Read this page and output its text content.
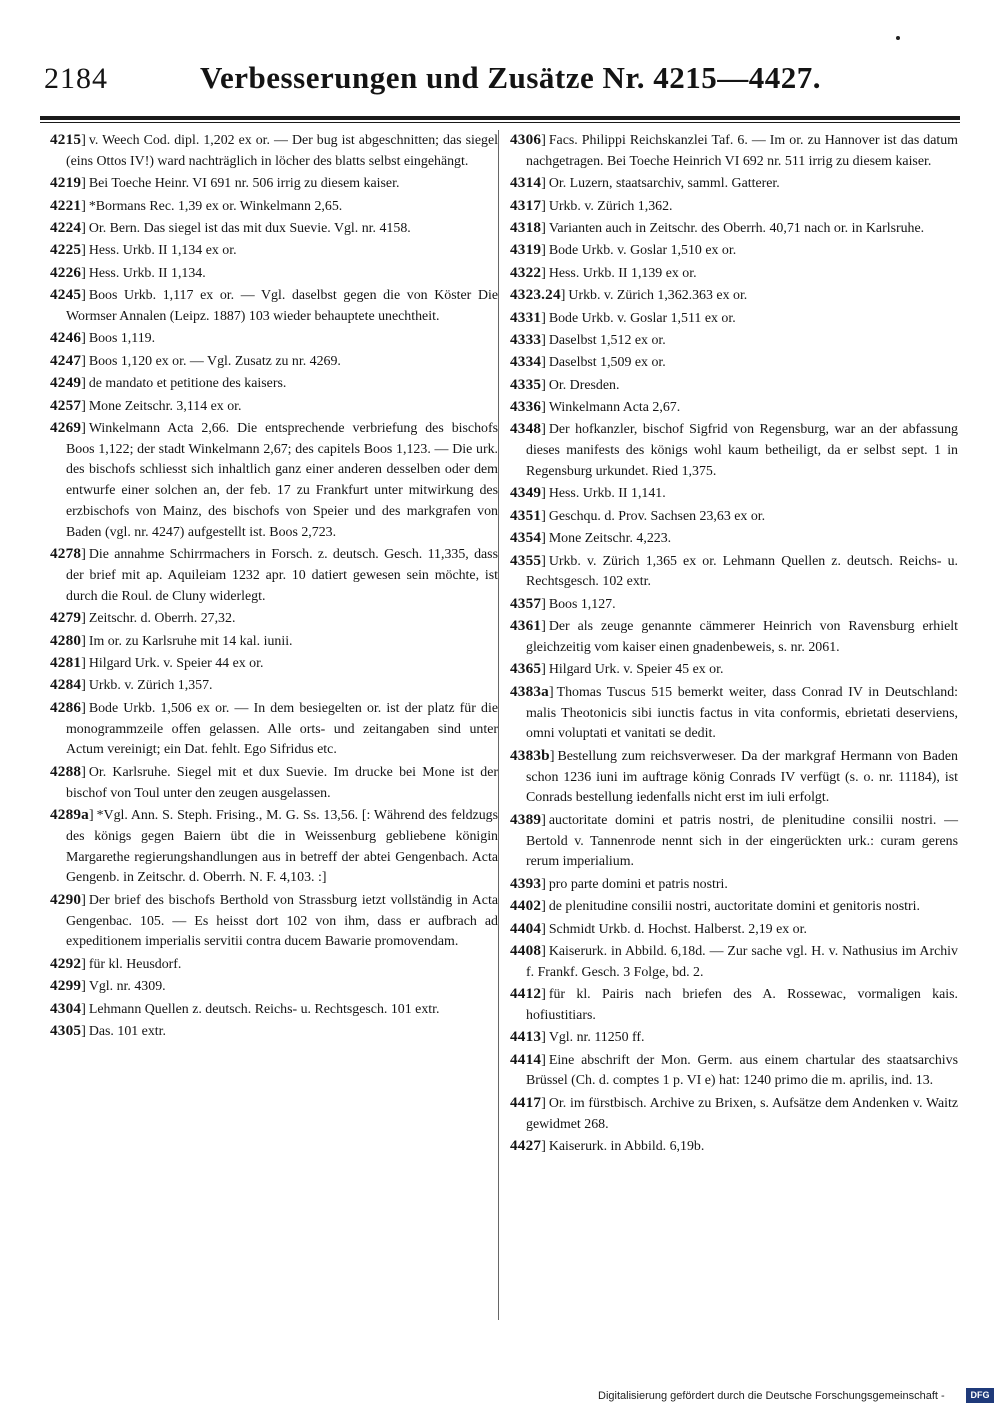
2184	Verbesserungen und Zusätze Nr. 4215—4427.
4215] v. Weech Cod. dipl. 1,202 ex or. — Der bug ist abgeschnitten; das siegel (eins Ottos IV!) ward nachträglich in löcher des blatts selbst eingehängt.
4219] Bei Toeche Heinr. VI 691 nr. 506 irrig zu diesem kaiser.
4221] *Bormans Rec. 1,39 ex or. Winkelmann 2,65.
4224] Or. Bern. Das siegel ist das mit dux Suevie. Vgl. nr. 4158.
4225] Hess. Urkb. II 1,134 ex or.
4226] Hess. Urkb. II 1,134.
4245] Boos Urkb. 1,117 ex or. — Vgl. daselbst gegen die von Köster Die Wormser Annalen (Leipz. 1887) 103 wieder behauptete unechtheit.
4246] Boos 1,119.
4247] Boos 1,120 ex or. — Vgl. Zusatz zu nr. 4269.
4249] de mandato et petitione des kaisers.
4257] Mone Zeitschr. 3,114 ex or.
4269] Winkelmann Acta 2,66. Die entsprechende verbriefung des bischofs Boos 1,122; der stadt Winkelmann 2,67; des capitels Boos 1,123. — Die urk. des bischofs schliesst sich inhaltlich ganz einer anderen desselben oder dem entwurfe einer solchen an, der feb. 17 zu Frankfurt unter mitwirkung des erzbischofs von Mainz, des bischofs von Speier und des markgrafen von Baden (vgl. nr. 4247) aufgestellt ist. Boos 2,723.
4278] Die annahme Schirrmachers in Forsch. z. deutsch. Gesch. 11,335, dass der brief mit ap. Aquileiam 1232 apr. 10 datiert gewesen sein möchte, ist durch die Roul. de Cluny widerlegt.
4279] Zeitschr. d. Oberrh. 27,32.
4280] Im or. zu Karlsruhe mit 14 kal. iunii.
4281] Hilgard Urk. v. Speier 44 ex or.
4284] Urkb. v. Zürich 1,357.
4286] Bode Urkb. 1,506 ex or. — In dem besiegelten or. ist der platz für die monogrammzeile offen gelassen. Alle orts- und zeitangaben sind unter Actum vereinigt; ein Dat. fehlt. Ego Sifridus etc.
4288] Or. Karlsruhe. Siegel mit et dux Suevie. Im drucke bei Mone ist der bischof von Toul unter den zeugen ausgelassen.
4289a] *Vgl. Ann. S. Steph. Frising., M. G. Ss. 13,56. [: Während des feldzugs des königs gegen Baiern übt die in Weissenburg gebliebene königin Margarethe regierungshandlungen aus in betreff der abtei Gengenbach. Acta Gengenb. in Zeitschr. d. Oberrh. N. F. 4,103. :]
4290] Der brief des bischofs Berthold von Strassburg ietzt vollständig in Acta Gengenbac. 105. — Es heisst dort 102 von ihm, dass er aufbrach ad expeditionem imperialis servitii contra ducem Bawarie promovendam.
4292] für kl. Heusdorf.
4299] Vgl. nr. 4309.
4304] Lehmann Quellen z. deutsch. Reichs- u. Rechtsgesch. 101 extr.
4305] Das. 101 extr.
4306] Facs. Philippi Reichskanzlei Taf. 6. — Im or. zu Hannover ist das datum nachgetragen. Bei Toeche Heinrich VI 692 nr. 511 irrig zu diesem kaiser.
4314] Or. Luzern, staatsarchiv, samml. Gatterer.
4317] Urkb. v. Zürich 1,362.
4318] Varianten auch in Zeitschr. des Oberrh. 40,71 nach or. in Karlsruhe.
4319] Bode Urkb. v. Goslar 1,510 ex or.
4322] Hess. Urkb. II 1,139 ex or.
4323.24] Urkb. v. Zürich 1,362.363 ex or.
4331] Bode Urkb. v. Goslar 1,511 ex or.
4333] Daselbst 1,512 ex or.
4334] Daselbst 1,509 ex or.
4335] Or. Dresden.
4336] Winkelmann Acta 2,67.
4348] Der hofkanzler, bischof Sigfrid von Regensburg, war an der abfassung dieses manifests des königs wohl kaum betheiligt, da er selbst sept. 1 in Regensburg urkundet. Ried 1,375.
4349] Hess. Urkb. II 1,141.
4351] Geschqu. d. Prov. Sachsen 23,63 ex or.
4354] Mone Zeitschr. 4,223.
4355] Urkb. v. Zürich 1,365 ex or. Lehmann Quellen z. deutsch. Reichs- u. Rechtsgesch. 102 extr.
4357] Boos 1,127.
4361] Der als zeuge genannte cämmerer Heinrich von Ravensburg erhielt gleichzeitig vom kaiser einen gnadenbeweis, s. nr. 2061.
4365] Hilgard Urk. v. Speier 45 ex or.
4383a] Thomas Tuscus 515 bemerkt weiter, dass Conrad IV in Deutschland: malis Theotonicis sibi iunctis factus in vita conformis, ebrietati deserviens, omni voluptati et vanitati se dedit.
4383b] Bestellung zum reichsverweser. Da der markgraf Hermann von Baden schon 1236 iuni im auftrage könig Conrads IV verfügt (s. o. nr. 11184), ist Conrads bestellung iedenfalls nicht erst im iuli erfolgt.
4389] auctoritate domini et patris nostri, de plenitudine consilii nostri. — Bertold v. Tannenrode nennt sich in der eingerückten urk.: curam gerens rerum imperialium.
4393] pro parte domini et patris nostri.
4402] de plenitudine consilii nostri, auctoritate domini et genitoris nostri.
4404] Schmidt Urkb. d. Hochst. Halberst. 2,19 ex or.
4408] Kaiserurk. in Abbild. 6,18d. — Zur sache vgl. H. v. Nathusius im Archiv f. Frankf. Gesch. 3 Folge, bd. 2.
4412] für kl. Pairis nach briefen des A. Rossewac, vormaligen kais. hofiustitiars.
4413] Vgl. nr. 11250 ff.
4414] Eine abschrift der Mon. Germ. aus einem chartular des staatsarchivs Brüssel (Ch. d. comptes 1 p. VI e) hat: 1240 primo die m. aprilis, ind. 13.
4417] Or. im fürstbisch. Archive zu Brixen, s. Aufsätze dem Andenken v. Waitz gewidmet 268.
4427] Kaiserurk. in Abbild. 6,19b.
Digitalisierung gefördert durch die Deutsche Forschungsgemeinschaft -	DFG
